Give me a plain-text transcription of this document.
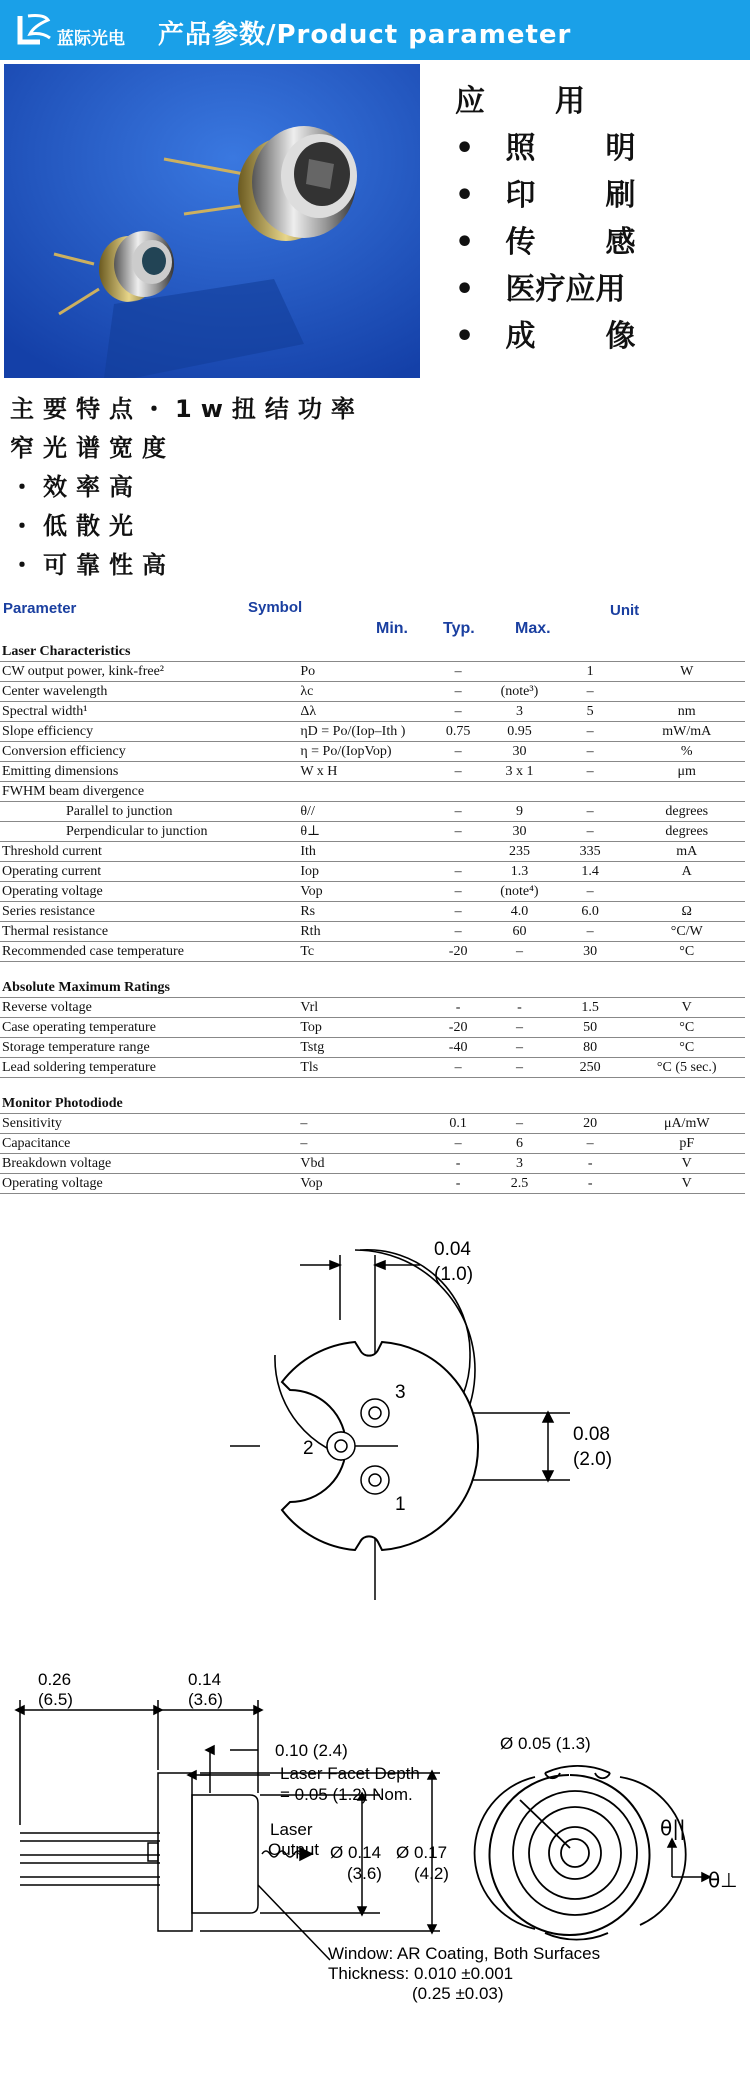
蓝际光电 产品参数/Product parameter
应 用
•   照 明
•   印 刷
•   传 感
•   医疗应用
•   成 像
主要特点・1w扭结功率
窄光谱宽度
・效率高
・低散光
・可靠性高
Parameter	Symbol
Min. Typ.	Max.
Unit
Laser Characteristics					
CW output power, kink-free²	Po	–		1	W
Center wavelength	λc	–	(note³)	–	
Spectral width¹	Δλ	–	3	5	nm
Slope efficiency	ηD = Po/(Iop–Ith )	0.75	0.95	–	mW/mA
Conversion efficiency	η = Po/(IopVop)	–	30	–	%
Emitting dimensions	W x H	–	3 x 1	–	μm
FWHM beam divergence					
Parallel to junction	θ//	–	9	–	degrees
Perpendicular to junction	θ⊥	–	30	–	degrees
Threshold current	Ith		235	335	mA
Operating current	Iop	–	1.3	1.4	A
Operating voltage	Vop	–	(note⁴)	–	
Series resistance	Rs	–	4.0	6.0	Ω
Thermal resistance	Rth	–	60	–	°C/W
Recommended case temperature	Tc	-20	–	30	°C

Absolute Maximum Ratings					
Reverse voltage	Vrl	-	-	1.5	V
Case operating temperature	Top	-20	–	50	°C
Storage temperature range	Tstg	-40	–	80	°C
Lead soldering temperature	Tls	–	–	250	°C (5 sec.)

Monitor Photodiode					
Sensitivity	–	0.1	–	20	μA/mW
Capacitance	–	–	6	–	pF
Breakdown voltage	Vbd	-	3	-	V
Operating voltage	Vop	-	2.5	-	V
0.04
(1.0)
0.08
(2.0)
3
2
1
0.26
(6.5)
0.14
(3.6)
0.10 (2.4)
Laser Facet Depth
= 0.05 (1.2) Nom.
Laser
Output Ø 0.14
(3.6)
Ø 0.17
(4.2)
Window: AR Coating, Both Surfaces
Thickness: 0.010 ±0.001
(0.25 ±0.03)
Ø 0.05 (1.3)
θ||
θ⊥
